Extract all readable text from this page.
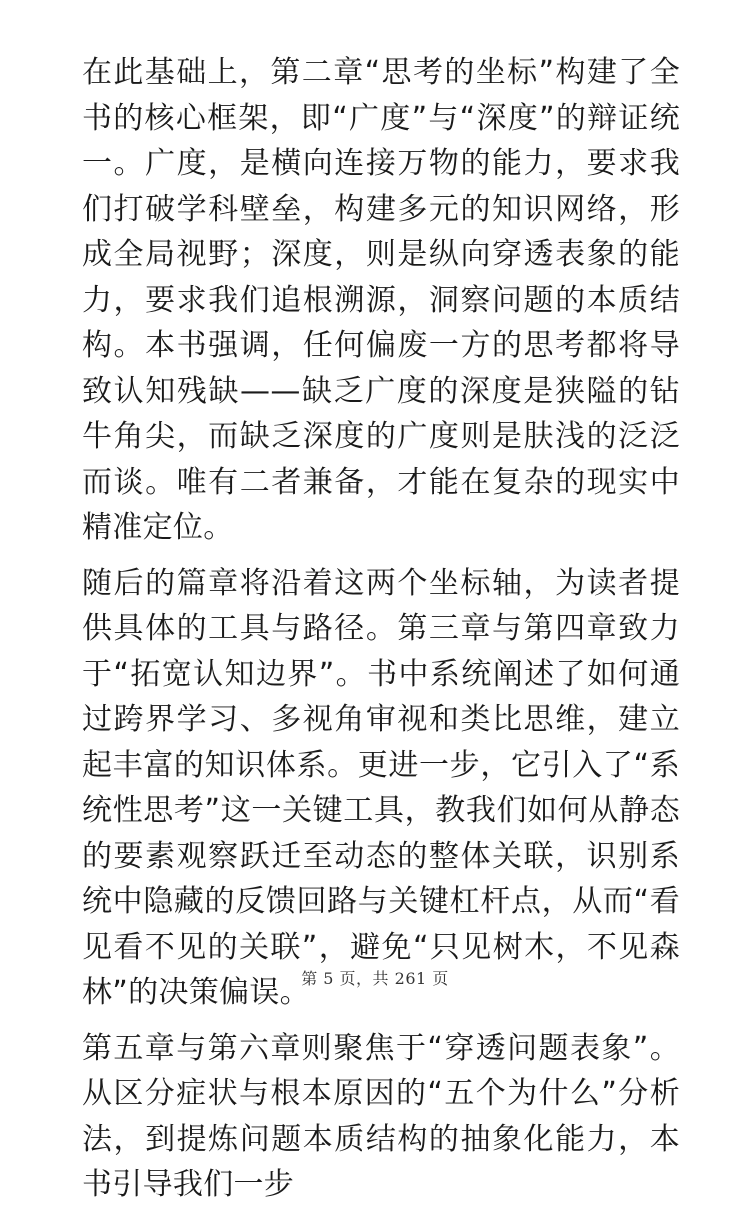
在此基础上，第二章“思考的坐标”构建了全书的核心框架，即“广度”与“深度”的辩证统一。广度，是横向连接万物的能力，要求我们打破学科壁垒，构建多元的知识网络，形成全局视野；深度，则是纵向穿透表象的能力，要求我们追根溯源，洞察问题的本质结构。本书强调，任何偏废一方的思考都将导致认知残缺——缺乏广度的深度是狭隘的钻牛角尖，而缺乏深度的广度则是肤浅的泛泛而谈。唯有二者兼备，才能在复杂的现实中精准定位。

随后的篇章将沿着这两个坐标轴，为读者提供具体的工具与路径。第三章与第四章致力于“拓宽认知边界”。书中系统阐述了如何通过跨界学习、多视角审视和类比思维，建立起丰富的知识体系。更进一步，它引入了“系统性思考”这一关键工具，教我们如何从静态的要素观察跃迁至动态的整体关联，识别系统中隐藏的反馈回路与关键杠杆点，从而“看见看不见的关联”，避免“只见树木，不见森林”的决策偏误。

第五章与第六章则聚焦于“穿透问题表象”。从区分症状与根本原因的“五个为什么”分析法，到提炼问题本质结构的抽象化能力，本书引导我们一步

第 5 页，共 261 页
